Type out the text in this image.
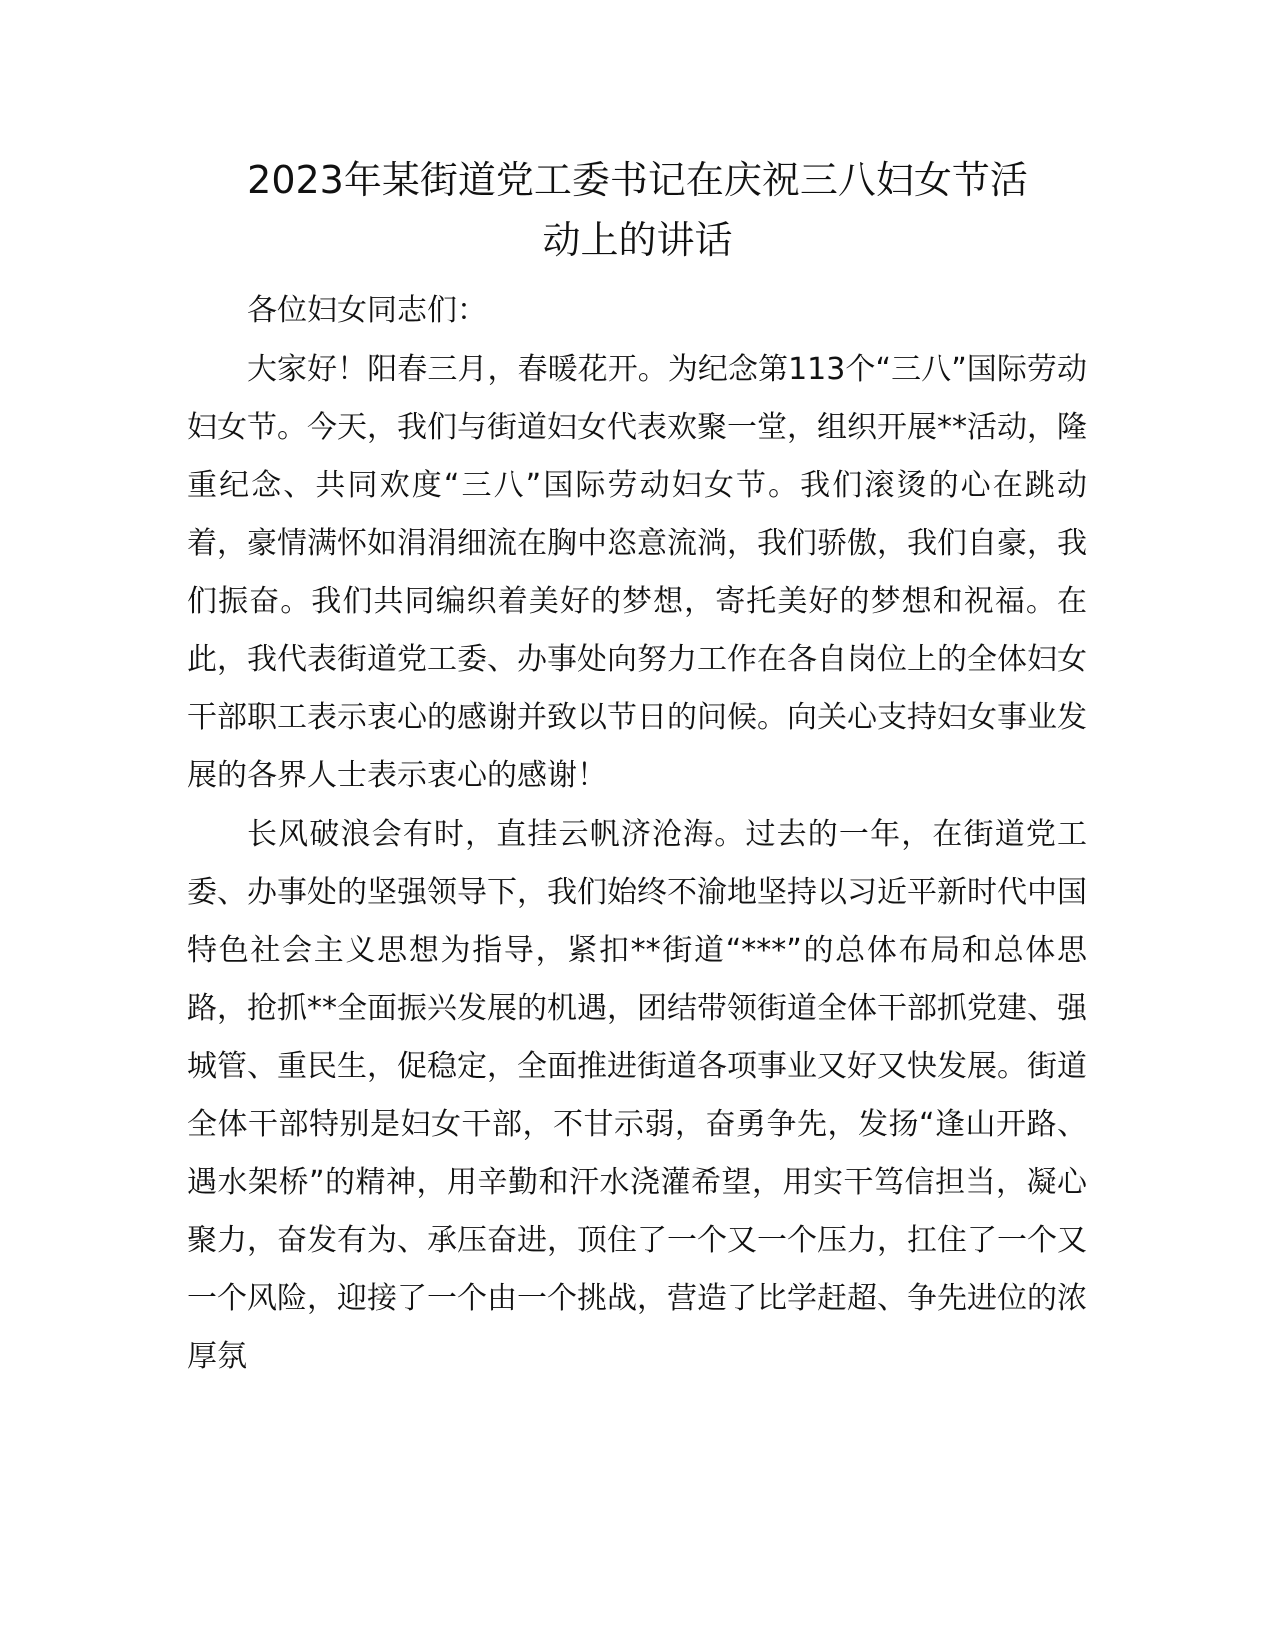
2023年某街道党工委书记在庆祝三八妇女节活
动上的讲话

各位妇女同志们：

大家好！阳春三月，春暖花开。为纪念第113个“三八”国际劳动妇女节。今天，我们与街道妇女代表欢聚一堂，组织开展**活动，隆重纪念、共同欢度“三八”国际劳动妇女节。我们滚烫的心在跳动着，豪情满怀如涓涓细流在胸中恣意流淌，我们骄傲，我们自豪，我们振奋。我们共同编织着美好的梦想，寄托美好的梦想和祝福。在此，我代表街道党工委、办事处向努力工作在各自岗位上的全体妇女干部职工表示衷心的感谢并致以节日的问候。向关心支持妇女事业发展的各界人士表示衷心的感谢！

长风破浪会有时，直挂云帆济沧海。过去的一年，在街道党工委、办事处的坚强领导下，我们始终不渝地坚持以习近平新时代中国特色社会主义思想为指导，紧扣**街道“***”的总体布局和总体思路，抢抓**全面振兴发展的机遇，团结带领街道全体干部抓党建、强城管、重民生，促稳定，全面推进街道各项事业又好又快发展。街道全体干部特别是妇女干部，不甘示弱，奋勇争先，发扬“逢山开路、遇水架桥”的精神，用辛勤和汗水浇灌希望，用实干笃信担当，凝心聚力，奋发有为、承压奋进，顶住了一个又一个压力，扛住了一个又一个风险，迎接了一个由一个挑战，营造了比学赶超、争先进位的浓厚氛
